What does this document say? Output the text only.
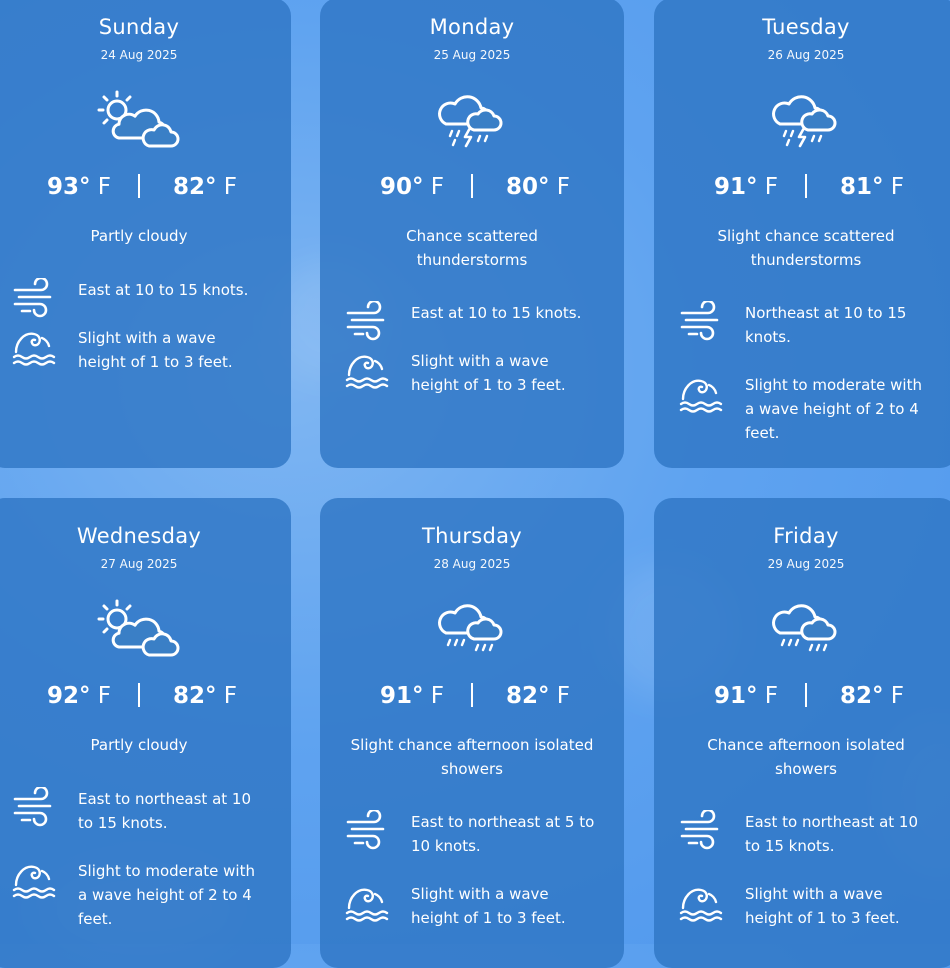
Sunday
24 Aug 2025
93° F	82° F
Partly cloudy
East at 10 to 15 knots.
Slight with a wave height of 1 to 3 feet.
Monday
25 Aug 2025
90° F	80° F
Chance scattered thunderstorms
East at 10 to 15 knots.
Slight with a wave height of 1 to 3 feet.
Tuesday
26 Aug 2025
91° F	81° F
Slight chance scattered thunderstorms
Northeast at 10 to 15 knots.
Slight to moderate with a wave height of 2 to 4 feet.
Wednesday
27 Aug 2025
92° F	82° F
Partly cloudy
East to northeast at 10 to 15 knots.
Slight to moderate with a wave height of 2 to 4 feet.
Thursday
28 Aug 2025
91° F	82° F
Slight chance afternoon isolated showers
East to northeast at 5 to 10 knots.
Slight with a wave height of 1 to 3 feet.
Friday
29 Aug 2025
91° F	82° F
Chance afternoon isolated showers
East to northeast at 10 to 15 knots.
Slight with a wave height of 1 to 3 feet.
